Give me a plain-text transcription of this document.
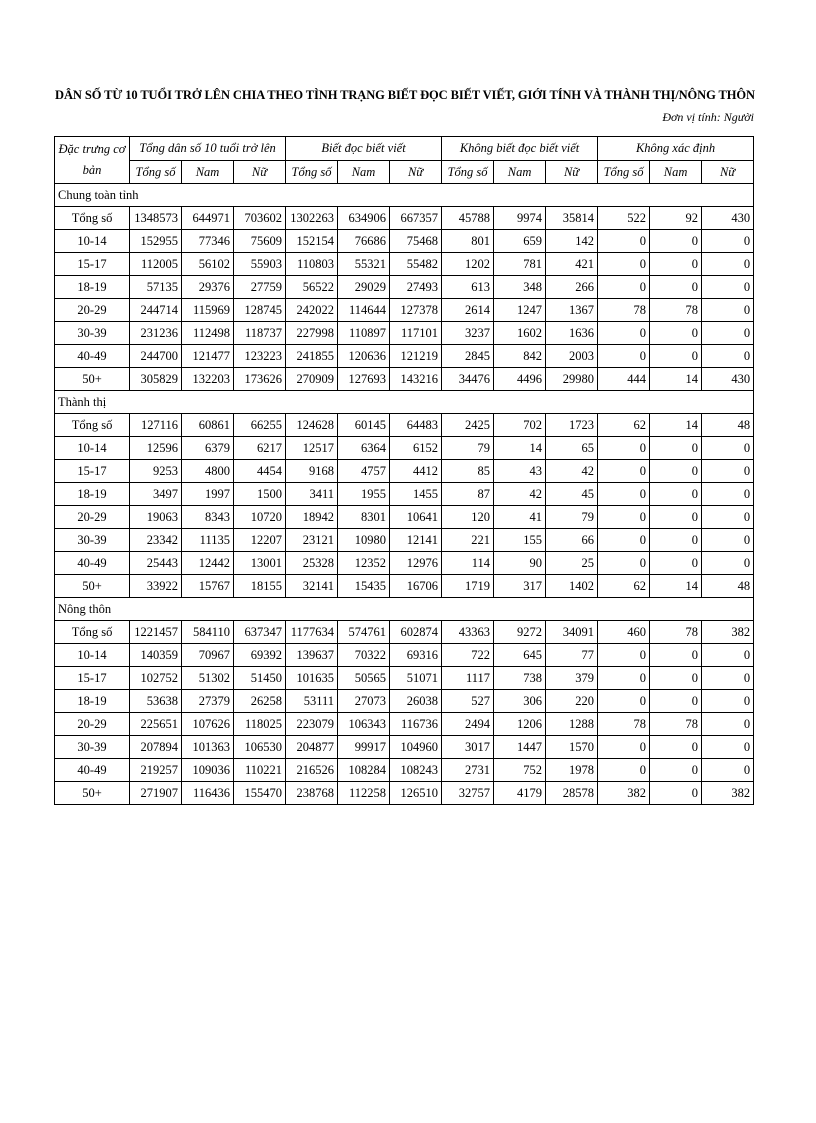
DÂN SỐ TỪ 10 TUỔI TRỞ LÊN CHIA THEO TÌNH TRẠNG BIẾT ĐỌC BIẾT VIẾT, GIỚI TÍNH VÀ THÀNH THỊ/NÔNG THÔN
Đơn vị tính: Người
Đặc trưng cơ bản	Tổng dân số 10 tuổi trở lên			Biết đọc biết viết			Không biết đọc biết viết			Không xác định		
	Tổng số	Nam	Nữ	Tổng số	Nam	Nữ	Tổng số	Nam	Nữ	Tổng số	Nam	Nữ
Chung toàn tỉnh												
Tổng số	1348573	644971	703602	1302263	634906	667357	45788	9974	35814	522	92	430
10-14	152955	77346	75609	152154	76686	75468	801	659	142	0	0	0
15-17	112005	56102	55903	110803	55321	55482	1202	781	421	0	0	0
18-19	57135	29376	27759	56522	29029	27493	613	348	266	0	0	0
20-29	244714	115969	128745	242022	114644	127378	2614	1247	1367	78	78	0
30-39	231236	112498	118737	227998	110897	117101	3237	1602	1636	0	0	0
40-49	244700	121477	123223	241855	120636	121219	2845	842	2003	0	0	0
50+	305829	132203	173626	270909	127693	143216	34476	4496	29980	444	14	430
Thành thị												
Tổng số	127116	60861	66255	124628	60145	64483	2425	702	1723	62	14	48
10-14	12596	6379	6217	12517	6364	6152	79	14	65	0	0	0
15-17	9253	4800	4454	9168	4757	4412	85	43	42	0	0	0
18-19	3497	1997	1500	3411	1955	1455	87	42	45	0	0	0
20-29	19063	8343	10720	18942	8301	10641	120	41	79	0	0	0
30-39	23342	11135	12207	23121	10980	12141	221	155	66	0	0	0
40-49	25443	12442	13001	25328	12352	12976	114	90	25	0	0	0
50+	33922	15767	18155	32141	15435	16706	1719	317	1402	62	14	48
Nông thôn												
Tổng số	1221457	584110	637347	1177634	574761	602874	43363	9272	34091	460	78	382
10-14	140359	70967	69392	139637	70322	69316	722	645	77	0	0	0
15-17	102752	51302	51450	101635	50565	51071	1117	738	379	0	0	0
18-19	53638	27379	26258	53111	27073	26038	527	306	220	0	0	0
20-29	225651	107626	118025	223079	106343	116736	2494	1206	1288	78	78	0
30-39	207894	101363	106530	204877	99917	104960	3017	1447	1570	0	0	0
40-49	219257	109036	110221	216526	108284	108243	2731	752	1978	0	0	0
50+	271907	116436	155470	238768	112258	126510	32757	4179	28578	382	0	382
